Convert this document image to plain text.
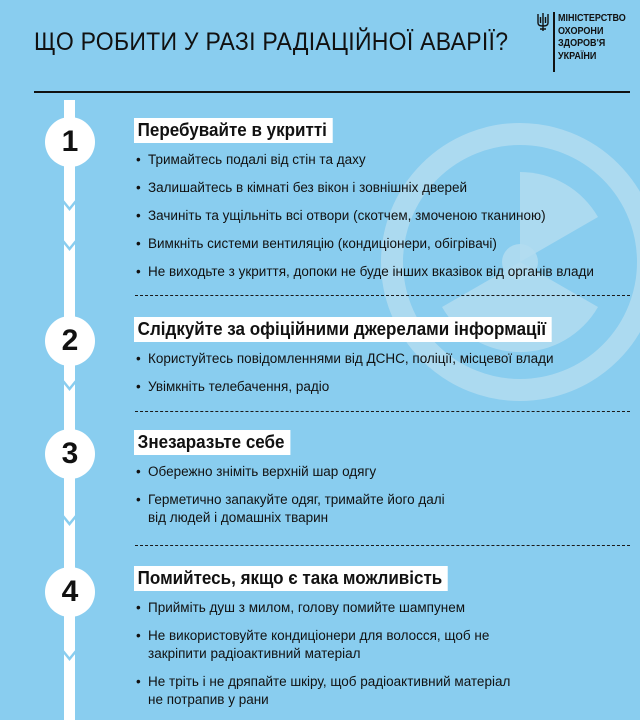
ЩО РОБИТИ У РАЗІ РАДІАЦІЙНОЇ АВАРІЇ?
МІНІСТЕРСТВО
ОХОРОНИ
ЗДОРОВ'Я
УКРАЇНИ
1
2
3
4
Перебувайте в укритті
• Тримайтесь подалі від стін та даху
• Залишайтесь в кімнаті без вікон і зовнішніх дверей
• Зачиніть та ущільніть всі отвори (скотчем, змоченою тканиною)
• Вимкніть системи вентиляцію (кондиціонери, обігрівачі)
• Не виходьте з укриття, допоки не буде інших вказівок від органів влади
Слідкуйте за офіційними джерелами інформації
• Користуйтесь повідомленнями від ДСНС, поліції, місцевої влади
• Увімкніть телебачення, радіо
Знезаразьте себе
• Обережно зніміть верхній шар одягу
• Герметично запакуйте одяг, тримайте його далі
від людей і домашніх тварин
Помийтесь, якщо є така можливість
• Прийміть душ з милом, голову помийте шампунем
• Не використовуйте кондиціонери для волосся, щоб не
закріпити радіоактивний матеріал
• Не тріть і не дряпайте шкіру, щоб радіоактивний матеріал
не потрапив у рани
